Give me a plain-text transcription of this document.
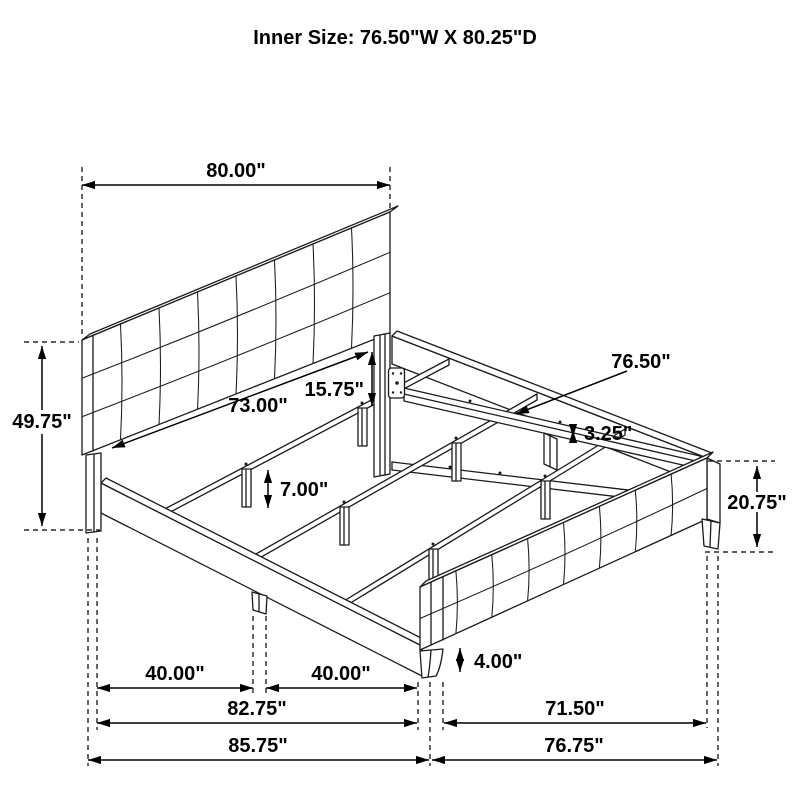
Inner Size: 76.50"W X 80.25"D
80.00"
49.75"
73.00"
15.75"
7.00"
76.50"
3.25"
20.75"
4.00"
40.00"	40.00"
82.75"
85.75"
71.50"
76.75"
